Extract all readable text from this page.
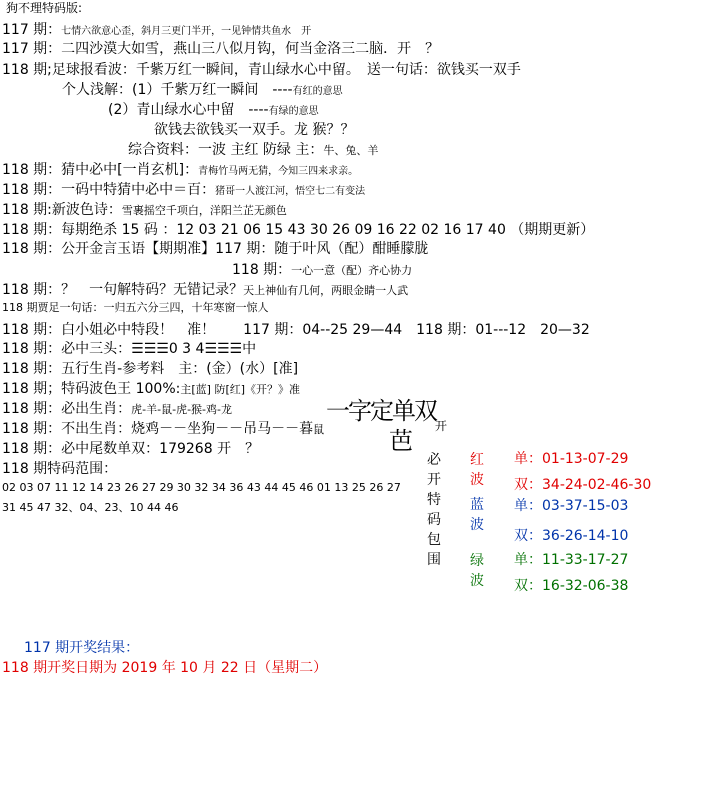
狗不理特码版:
117 期：七情六欲意心歪，斜月三更门半开，一见钟情共鱼水　开
117 期：二四沙漠大如雪，燕山三八似月钩，何当金洛三二脑．开　？
118 期;足球报看波：千紫万红一瞬间，青山绿水心中留。　送一句话：欲钱买一双手
个人浅解：(1）千紫万红一瞬间　----有红的意思
(2）青山绿水心中留　----有绿的意思
欲钱去欲钱买一双手。龙 猴？？
综合资料：一波 主红 防绿 主：牛、兔、羊
118 期：猜中必中[一肖玄机]：青梅竹马两无猜，今知三四来求亲。
118 期：一码中特猜中必中＝百：猪哥一人渡江河，悟空七二有变法
118 期:新波色诗：雪裹摇空千项白，洋阳兰芷无颜色
118 期：每期绝杀 15 码 ：12 03 21 06 15 43 30 26 09 16 22 02 16 17 40 （期期更新）
118 期：公开金言玉语【期期准】117 期：随于叶风（配）酣睡朦胧
118 期：一心一意（配）齐心协力
118 期：？　一句解特码？无错记录？天上神仙有几何，两眼金睛一人武
118 期贾足一句话：一归五六分三四，十年寒窗一惊人
118 期：白小姐必中特段！　准！　　117 期：04--25 29—44　118 期：01---12　20—32
118 期：必中三头：☰☰☰0 3 4☰☰☰中
118 期：五行生肖-参考料　主：(金）(水）[准]
118 期；特码波色王 100%:主[蓝] 防[红]《开？》准
118 期：必出生肖：虎-羊-鼠-虎-猴-鸡-龙
118 期：不出生肖：烧鸡－－坐狗－－吊马－－暮鼠
118 期：必中尾数单双：179268 开　？
118 期特码范围：
02 03 07 11 12 14 23 26 27 29 30 32 34 36 43 44 45 46 01 13 25 26 27
31 45 47 32、04、23、10 44 46
一字定单双
开
芭
必开特码包围
红波
蓝波
绿波
单：01-13-07-29
双：34-24-02-46-30
单：03-37-15-03
双：36-26-14-10
单：11-33-17-27
双：16-32-06-38
117 期开奖结果：
118 期开奖日期为 2019 年 10 月 22 日（星期二）
